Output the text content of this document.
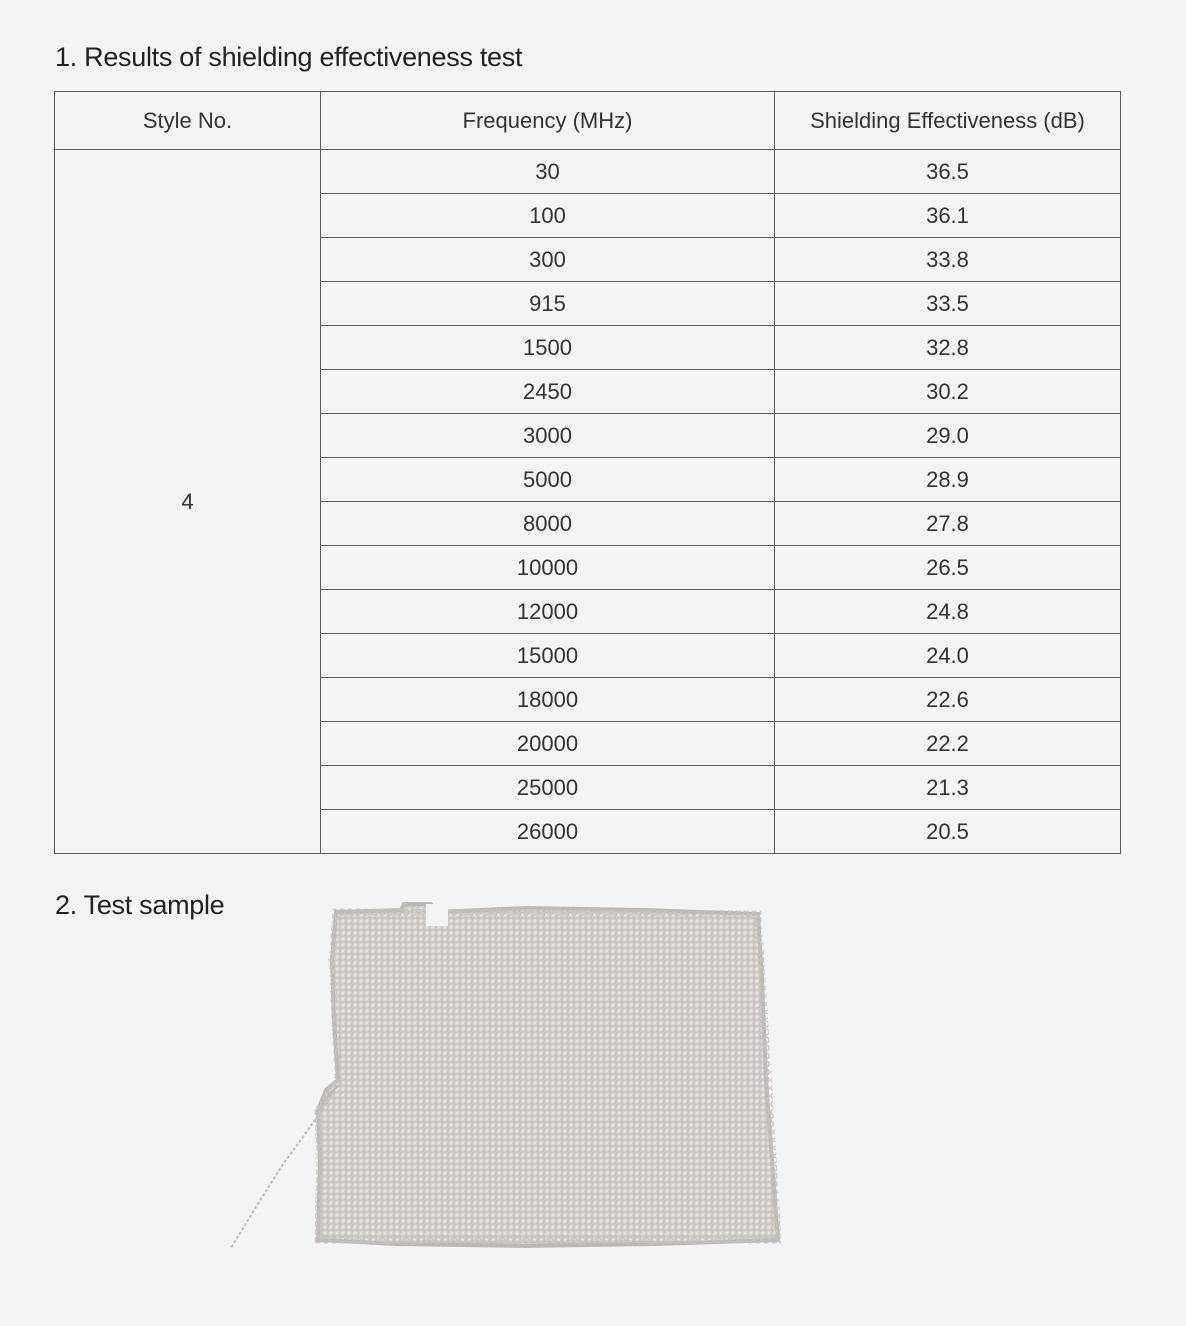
1. Results of shielding effectiveness test
Style No.	Frequency (MHz)	Shielding Effectiveness (dB)
4	30	36.5
	100	36.1
	300	33.8
	915	33.5
	1500	32.8
	2450	30.2
	3000	29.0
	5000	28.9
	8000	27.8
	10000	26.5
	12000	24.8
	15000	24.0
	18000	22.6
	20000	22.2
	25000	21.3
	26000	20.5
2. Test sample
